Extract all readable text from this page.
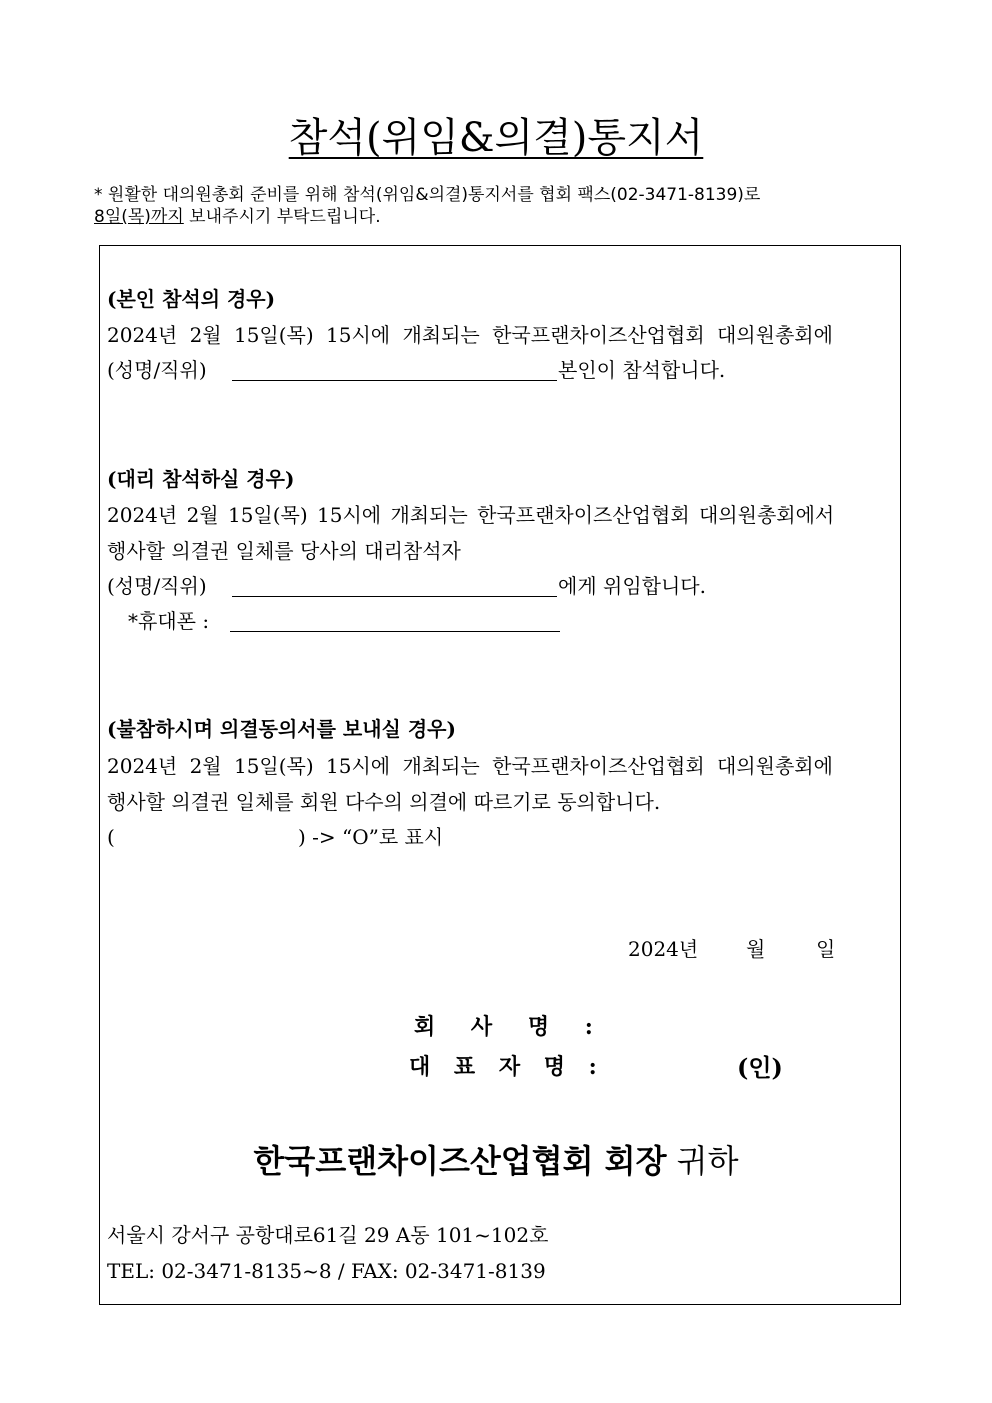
참석(위임&의결)통지서
* 원활한 대의원총회 준비를 위해 참석(위임&의결)통지서를 협회 팩스(02-3471-8139)로
8일(목)까지 보내주시기 부탁드립니다.
(본인 참석의 경우)
2024년 2월 15일(목) 15시에 개최되는 한국프랜차이즈산업협회 대의원총회에
(성명/직위)	본인이 참석합니다.
(대리 참석하실 경우)
2024년 2월 15일(목) 15시에 개최되는 한국프랜차이즈산업협회 대의원총회에서
행사할 의결권 일체를 당사의 대리참석자
(성명/직위)	에게 위임합니다.
*휴대폰 :
(불참하시며 의결동의서를 보내실 경우)
2024년 2월 15일(목) 15시에 개최되는 한국프랜차이즈산업협회 대의원총회에
행사할 의결권 일체를 회원 다수의 의결에 따르기로 동의합니다.
(	) -> “O”로 표시
2024년 월	일
회 사 명 :
대 표 자 명 :	(인)
한국프랜차이즈산업협회 회장 귀하
서울시 강서구 공항대로61길 29 A동 101~102호
TEL: 02-3471-8135~8 / FAX: 02-3471-8139
